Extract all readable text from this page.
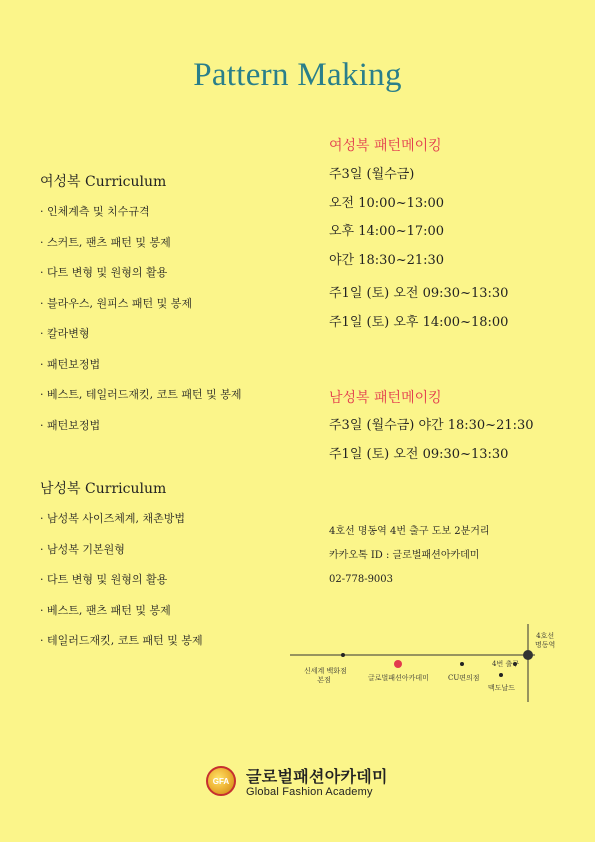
Pattern Making
여성복 Curriculum
· 인체계측 및 치수규격
· 스커트, 팬츠 패턴 및 봉제
· 다트 변형 및 원형의 활용
· 블라우스, 원피스 패턴 및 봉제
· 칼라변형
· 패턴보정법
· 베스트, 테일러드재킷, 코트 패턴 및 봉제
· 패턴보정법
남성복 Curriculum
· 남성복 사이즈체계, 채촌방법
· 남성복 기본원형
· 다트 변형 및 원형의 활용
· 베스트, 팬츠 패턴 및 봉제
· 테일러드재킷, 코트 패턴 및 봉제
여성복 패턴메이킹
주3일 (월수금)
오전 10:00~13:00
오후 14:00~17:00
야간 18:30~21:30
주1일 (토) 오전 09:30~13:30
주1일 (토) 오후 14:00~18:00
남성복 패턴메이킹
주3일 (월수금) 야간 18:30~21:30
주1일 (토) 오전 09:30~13:30
4호선 명동역 4번 출구 도보 2분거리
카카오톡 ID : 글로벌패션아카데미
02-778-9003
신세계 백화점
본점	글로벌패션아카데미	CU편의점
4번 출구
맥도날드
4호선
명동역
GFA 글로벌패션아카데미
Global Fashion Academy
